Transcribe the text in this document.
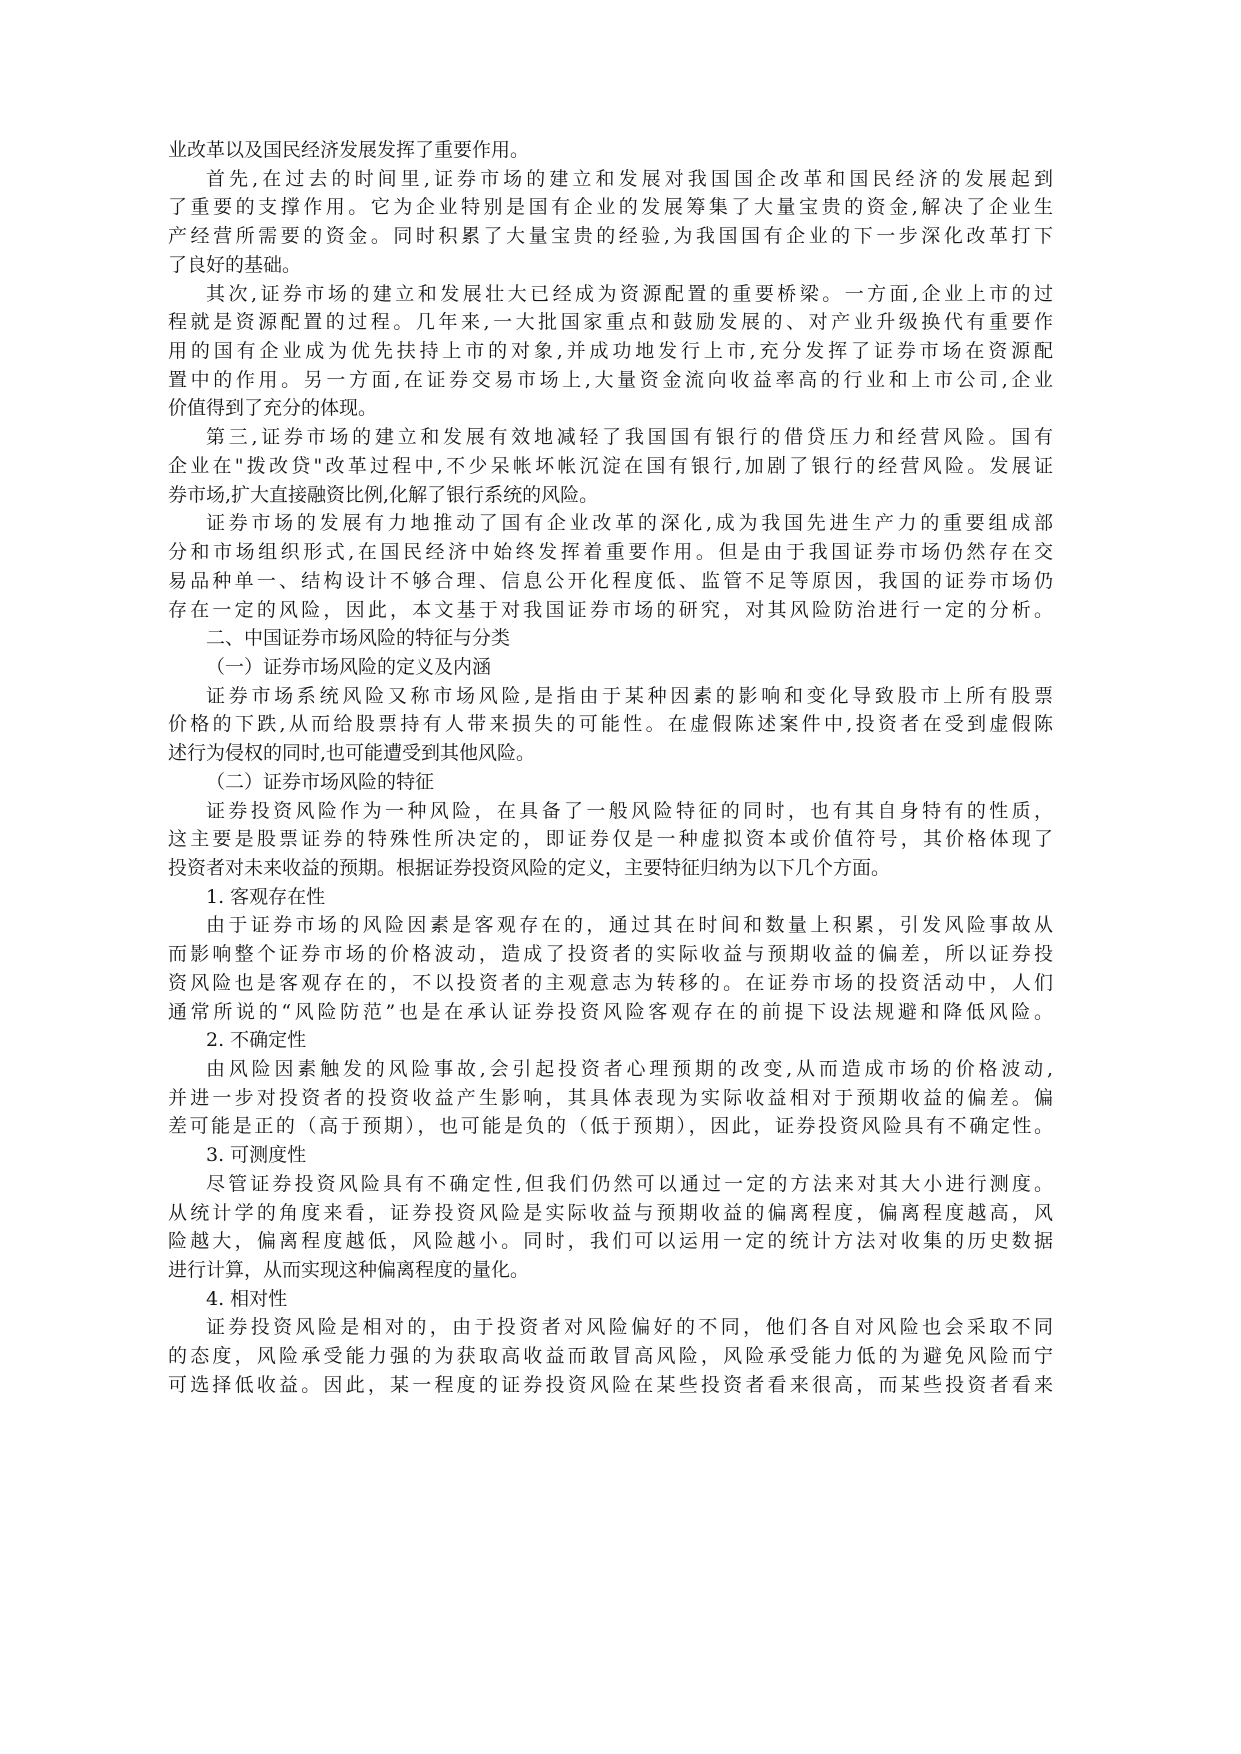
业改革以及国民经济发展发挥了重要作用。
首先,在过去的时间里,证券市场的建立和发展对我国国企改革和国民经济的发展起到
了重要的支撑作用。它为企业特别是国有企业的发展筹集了大量宝贵的资金,解决了企业生
产经营所需要的资金。同时积累了大量宝贵的经验,为我国国有企业的下一步深化改革打下
了良好的基础。
其次,证券市场的建立和发展壮大已经成为资源配置的重要桥梁。一方面,企业上市的过
程就是资源配置的过程。几年来,一大批国家重点和鼓励发展的、对产业升级换代有重要作
用的国有企业成为优先扶持上市的对象,并成功地发行上市,充分发挥了证券市场在资源配
置中的作用。另一方面,在证券交易市场上,大量资金流向收益率高的行业和上市公司,企业
价值得到了充分的体现。
第三,证券市场的建立和发展有效地减轻了我国国有银行的借贷压力和经营风险。国有
企业在"拨改贷"改革过程中,不少呆帐坏帐沉淀在国有银行,加剧了银行的经营风险。发展证
券市场,扩大直接融资比例,化解了银行系统的风险。
证券市场的发展有力地推动了国有企业改革的深化,成为我国先进生产力的重要组成部
分和市场组织形式,在国民经济中始终发挥着重要作用。但是由于我国证券市场仍然存在交
易品种单一、结构设计不够合理、信息公开化程度低、监管不足等原因，我国的证券市场仍
存在一定的风险，因此，本文基于对我国证券市场的研究，对其风险防治进行一定的分析。
二、中国证券市场风险的特征与分类
（一）证券市场风险的定义及内涵
证券市场系统风险又称市场风险,是指由于某种因素的影响和变化导致股市上所有股票
价格的下跌,从而给股票持有人带来损失的可能性。在虚假陈述案件中,投资者在受到虚假陈
述行为侵权的同时,也可能遭受到其他风险。
（二）证券市场风险的特征
证券投资风险作为一种风险，在具备了一般风险特征的同时，也有其自身特有的性质，
这主要是股票证券的特殊性所决定的，即证券仅是一种虚拟资本或价值符号，其价格体现了
投资者对未来收益的预期。根据证券投资风险的定义，主要特征归纳为以下几个方面。
1. 客观存在性
由于证券市场的风险因素是客观存在的，通过其在时间和数量上积累，引发风险事故从
而影响整个证券市场的价格波动，造成了投资者的实际收益与预期收益的偏差，所以证券投
资风险也是客观存在的，不以投资者的主观意志为转移的。在证券市场的投资活动中，人们
通常所说的“风险防范”也是在承认证券投资风险客观存在的前提下设法规避和降低风险。
2. 不确定性
由风险因素触发的风险事故,会引起投资者心理预期的改变,从而造成市场的价格波动,
并进一步对投资者的投资收益产生影响，其具体表现为实际收益相对于预期收益的偏差。偏
差可能是正的（高于预期），也可能是负的（低于预期），因此，证券投资风险具有不确定性。
3. 可测度性
尽管证券投资风险具有不确定性,但我们仍然可以通过一定的方法来对其大小进行测度。
从统计学的角度来看，证券投资风险是实际收益与预期收益的偏离程度，偏离程度越高，风
险越大，偏离程度越低，风险越小。同时，我们可以运用一定的统计方法对收集的历史数据
进行计算，从而实现这种偏离程度的量化。
4. 相对性
证券投资风险是相对的，由于投资者对风险偏好的不同，他们各自对风险也会采取不同
的态度，风险承受能力强的为获取高收益而敢冒高风险，风险承受能力低的为避免风险而宁
可选择低收益。因此，某一程度的证券投资风险在某些投资者看来很高，而某些投资者看来
